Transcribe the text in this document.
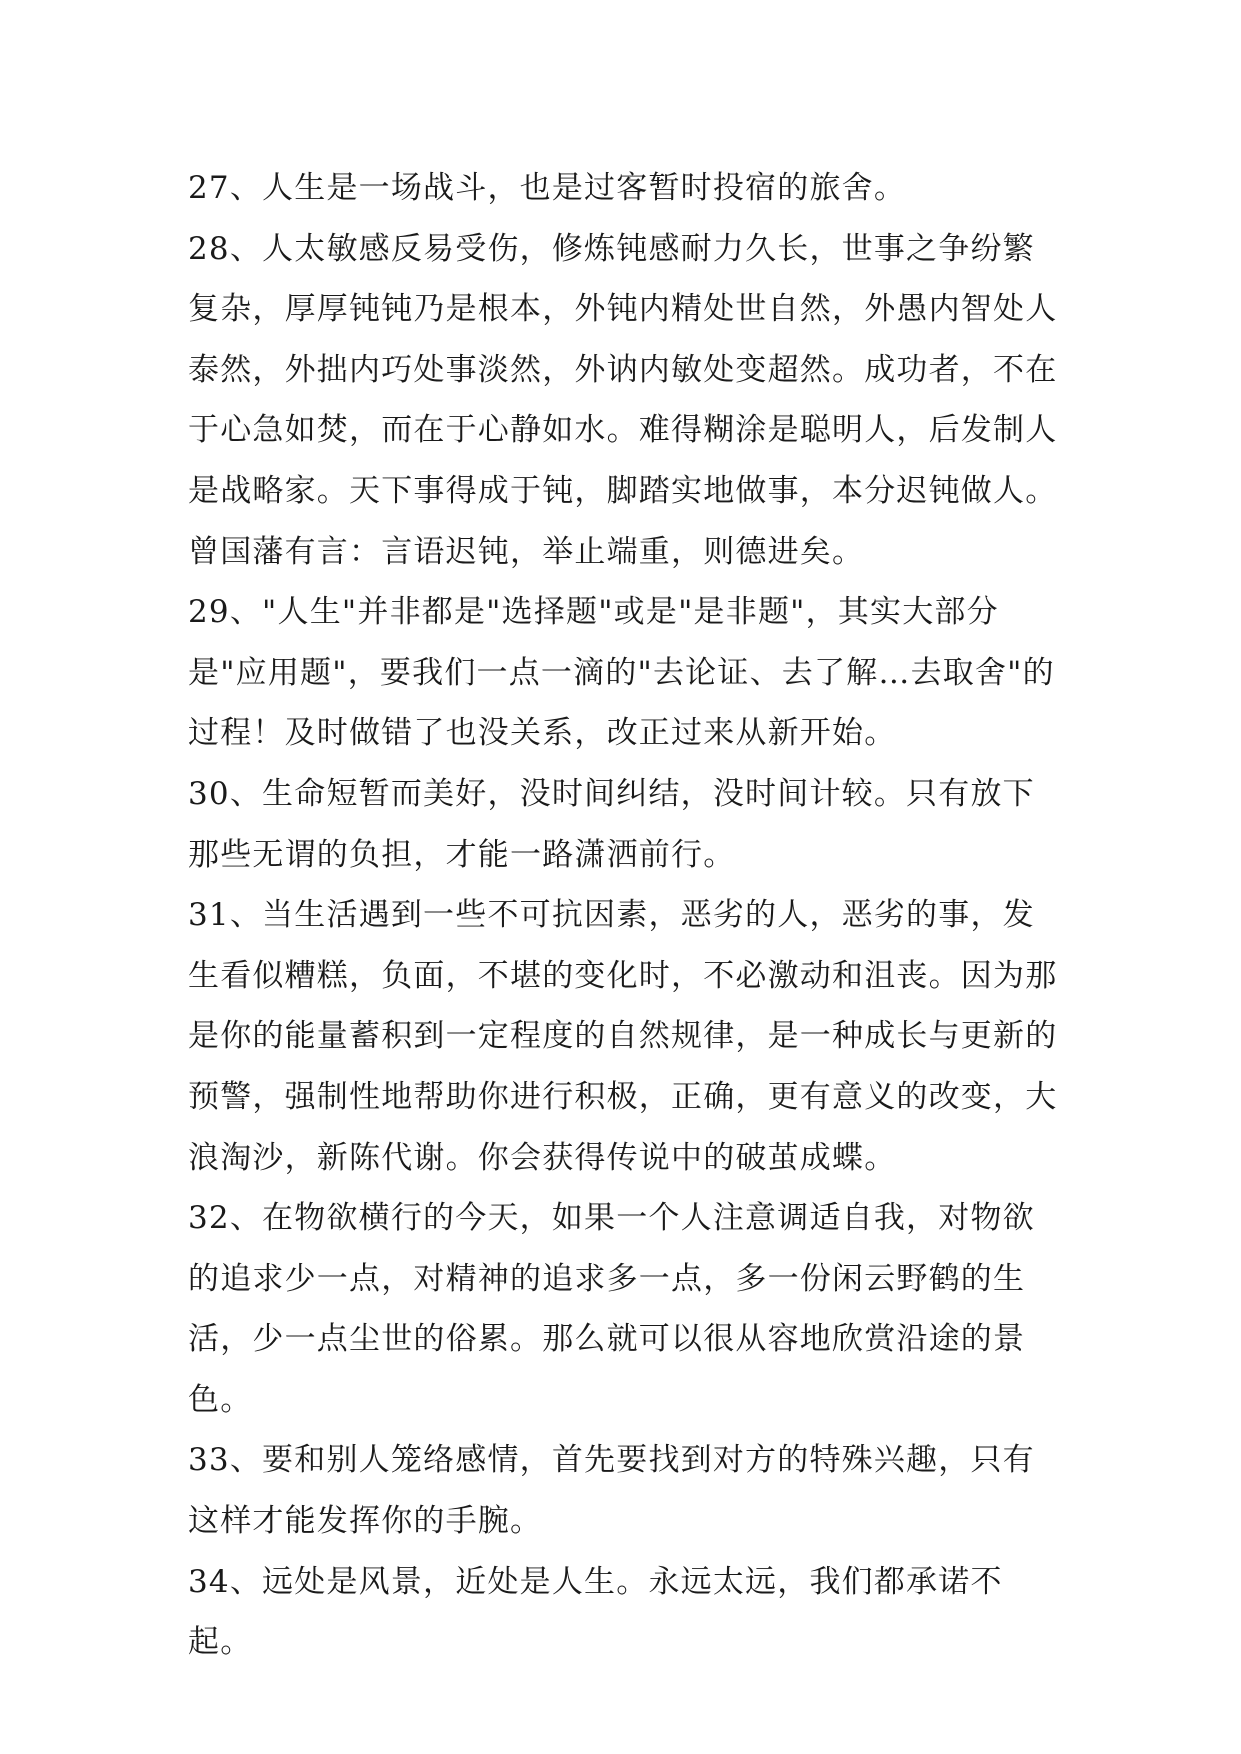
27、人生是一场战斗，也是过客暂时投宿的旅舍。

28、人太敏感反易受伤，修炼钝感耐力久长，世事之争纷繁复杂，厚厚钝钝乃是根本，外钝内精处世自然，外愚内智处人泰然，外拙内巧处事淡然，外讷内敏处变超然。成功者，不在于心急如焚，而在于心静如水。难得糊涂是聪明人，后发制人是战略家。天下事得成于钝，脚踏实地做事，本分迟钝做人。曾国藩有言：言语迟钝，举止端重，则德进矣。

29、"人生"并非都是"选择题"或是"是非题"，其实大部分是"应用题"，要我们一点一滴的"去论证、去了解…去取舍"的过程！及时做错了也没关系，改正过来从新开始。

30、生命短暂而美好，没时间纠结，没时间计较。只有放下那些无谓的负担，才能一路潇洒前行。

31、当生活遇到一些不可抗因素，恶劣的人，恶劣的事，发生看似糟糕，负面，不堪的变化时，不必激动和沮丧。因为那是你的能量蓄积到一定程度的自然规律，是一种成长与更新的预警，强制性地帮助你进行积极，正确，更有意义的改变，大浪淘沙，新陈代谢。你会获得传说中的破茧成蝶。

32、在物欲横行的今天，如果一个人注意调适自我，对物欲的追求少一点，对精神的追求多一点，多一份闲云野鹤的生活，少一点尘世的俗累。那么就可以很从容地欣赏沿途的景色。

33、要和别人笼络感情，首先要找到对方的特殊兴趣，只有这样才能发挥你的手腕。

34、远处是风景，近处是人生。永远太远，我们都承诺不起。
